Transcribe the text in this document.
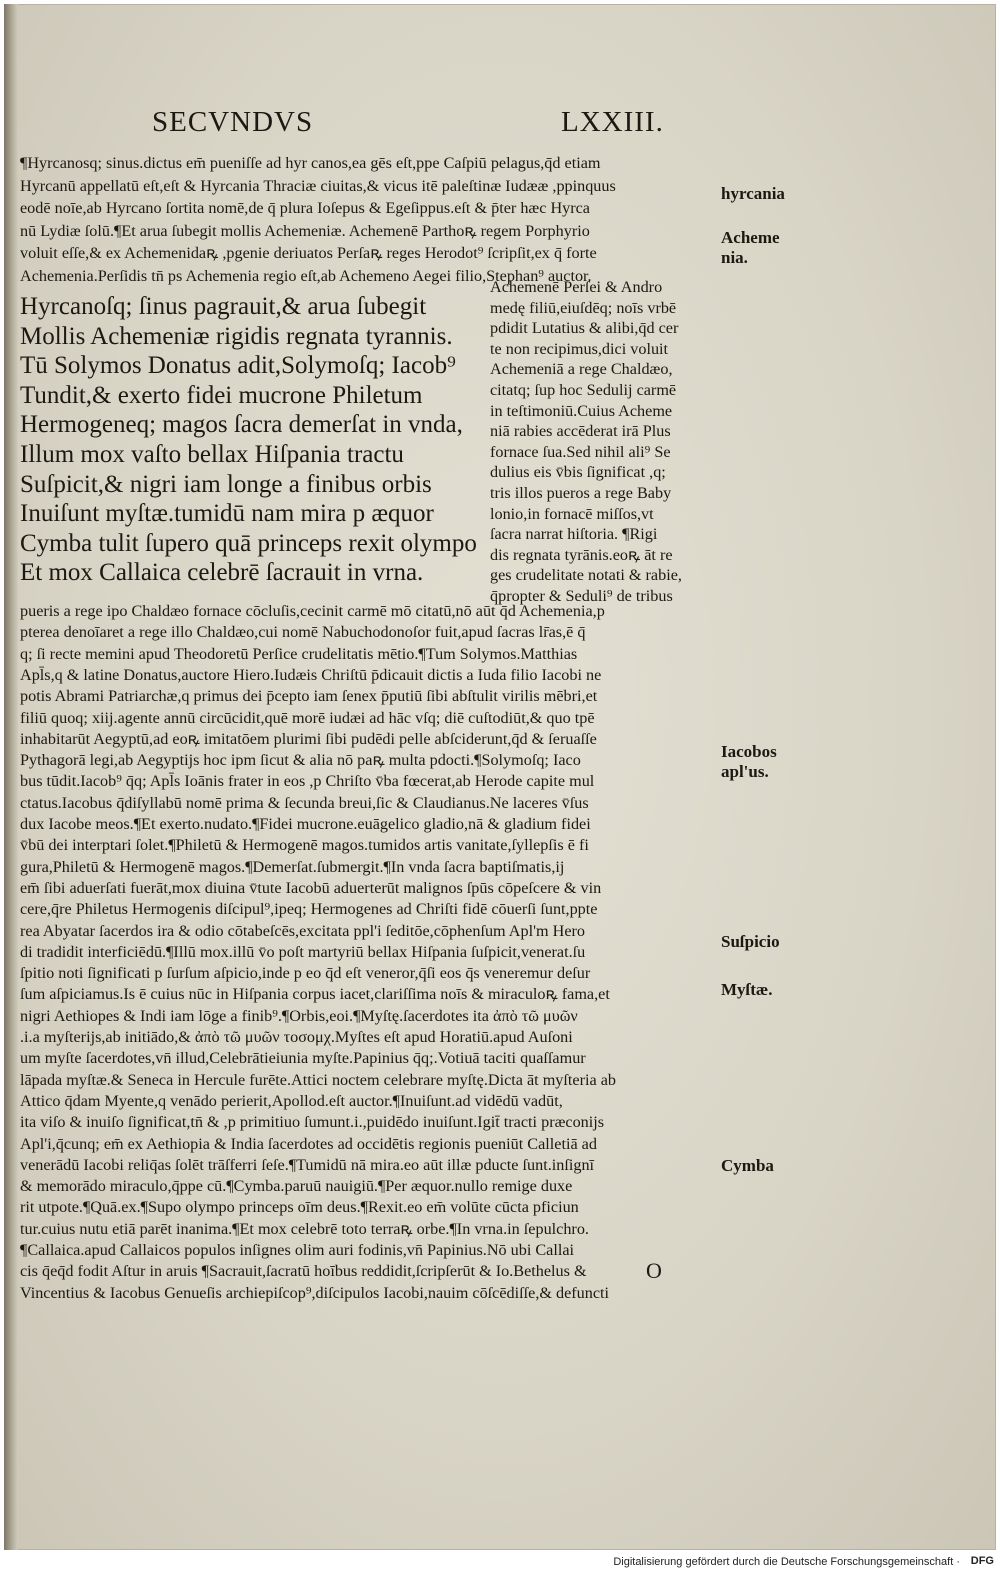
SECVNDVS	LXXIII.
¶Hyrcanosq; sinus.dictus em̄ pueniſſe ad hyr canos,ea gēs eſt,ppe Caſpiū pelagus,q̄d etiam
Hyrcanū appellatū eſt,eſt & Hyrcania Thraciæ ciuitas,& vicus itē paleſtinæ Iudææ ,ppinquus
eodē noīe,ab Hyrcano ſortita nomē,de q̄ plura Ioſepus & Egeſippus.eſt & p̄ter hæc Hyrca
nū Lydiæ ſolū.¶Et arua ſubegit mollis Achemeniæ. Achemenē Parthoꝶ regem Porphyrio
voluit eſſe,& ex Achemenidaꝶ ,pgenie deriuatos Perſaꝶ reges Herodot⁹ ſcripſit,ex q̄ forte
Achemenia.Perſidis tn̄ ps Achemenia regio eſt,ab Achemeno Aegei filio,Stephan⁹ auctor.
Hyrcanoſq; ſinus pagrauit,& arua ſubegit
Mollis Achemeniæ rigidis regnata tyrannis.
Tū Solymos Donatus adit,Solymoſq; Iacob⁹
Tundit,& exerto fidei mucrone Philetum
Hermogeneq; magos ſacra demerſat in vnda,
Illum mox vaſto bellax Hiſpania tractu
Suſpicit,& nigri iam longe a finibus orbis
Inuiſunt myſtæ.tumidū nam mira p æquor
Cymba tulit ſupero quā princeps rexit olympo
Et mox Callaica celebrē ſacrauit in vrna.
Achemenē Perſei & Andro
medę filiū,eiuſdēq; noīs vrbē
pdidit Lutatius & alibi,q̄d cer
te non recipimus,dici voluit
Achemeniā a rege Chaldæo,
citatq; ſup hoc Sedulij carmē
in teſtimoniū.Cuius Acheme
niā rabies accēderat irā Plus
fornace ſua.Sed nihil ali⁹ Se
dulius eis v̄bis ſignificat ,q;
tris illos pueros a rege Baby
lonio,in fornacē miſſos,vt
ſacra narrat hiſtoria. ¶Rigi
dis regnata tyrānis.eoꝶ āt re
ges crudelitate notati & rabie,
q̄propter & Seduli⁹ de tribus
pueris a rege ipo Chaldæo fornace cōcluſis,cecinit carmē mō citatū,nō aūt q̄d Achemenia,p
pterea denoīaret a rege illo Chaldæo,cui nomē Nabuchodonoſor fuit,apud ſacras lr̄as,ē q̄
q; ſi recte memini apud Theodoretū Perſice crudelitatis mētio.¶Tum Solymos.Matthias
Apl̄s,q & latine Donatus,auctore Hiero.Iudæis Chriſtū p̄dicauit dictis a Iuda filio Iacobi ne
potis Abrami Patriarchæ,q primus dei p̄cepto iam ſenex p̄putiū ſibi abſtulit virilis mēbri,et
filiū quoq; xiij.agente annū circūcidit,quē morē iudæi ad hāc vſq; diē cuſtodiūt,& quo tpē
inhabitarūt Aegyptū,ad eoꝶ imitatōem plurimi ſibi pudēdi pelle abſciderunt,q̄d & ſeruaſſe
Pythagorā legi,ab Aegyptijs hoc ipm ſicut & alia nō paꝶ multa pdocti.¶Solymoſq; Iaco
bus tūdit.Iacob⁹ q̄q; Apl̄s Ioānis frater in eos ,p Chriſto v̄ba fœcerat,ab Herode capite mul
ctatus.Iacobus q̄diſyllabū nomē prima & ſecunda breui,ſic & Claudianus.Ne laceres v̄ſus
dux Iacobe meos.¶Et exerto.nudato.¶Fidei mucrone.euāgelico gladio,nā & gladium fidei
v̄bū dei interptari ſolet.¶Philetū & Hermogenē magos.tumidos artis vanitate,ſyllepſis ē fi
gura,Philetū & Hermogenē magos.¶Demerſat.ſubmergit.¶In vnda ſacra baptiſmatis,ij
em̄ ſibi aduerſati fuerāt,mox diuina v̄tute Iacobū aduerterūt malignos ſpūs cōpeſcere & vin
cere,q̄re Philetus Hermogenis diſcipul⁹,ipeq; Hermogenes ad Chriſti fidē cōuerſi ſunt,ppte
rea Abyatar ſacerdos ira & odio cōtabeſcēs,excitata ppl'i ſeditōe,cōphenſum Apl'm Hero
di tradidit interficiēdū.¶Illū mox.illū v̄o poſt martyriū bellax Hiſpania ſuſpicit,venerat.ſu
ſpitio noti ſignificati p ſurſum aſpicio,inde p eo q̄d eſt veneror,q̄ſi eos q̄s veneremur deſur
ſum aſpiciamus.Is ē cuius nūc in Hiſpania corpus iacet,clariſſima noīs & miraculoꝶ fama,et
nigri Aethiopes & Indi iam lōge a finib⁹.¶Orbis,eoi.¶Myſtę.ſacerdotes ita ἀπὸ τῶ μυῶν
.i.a myſterijs,ab initiādo,& ἀπὸ τῶ μυῶν τοσομχ.Myſtes eſt apud Horatiū.apud Auſoni
um myſte ſacerdotes,vn̄ illud,Celebrātieiunia myſte.Papinius q̄q;.Votiuā taciti quaſſamur
lāpada myſtæ.& Seneca in Hercule furēte.Attici noctem celebrare myſtę.Dicta āt myſteria ab
Attico q̄dam Myente,q venādo perierit,Apollod.eſt auctor.¶Inuiſunt.ad vidēdū vadūt,
ita viſo & inuiſo ſignificat,tn̄ & ,p primitiuo ſumunt.i.,puidēdo inuiſunt.Igit̄ tracti præconijs
Apl'i,q̄cunq; em̄ ex Aethiopia & India ſacerdotes ad occidētis regionis pueniūt Calletiā ad
venerādū Iacobi reliq̄as ſolēt trāſferri ſeſe.¶Tumidū nā mira.eo aūt illæ pducte ſunt.inſignī
& memorādo miraculo,q̄ppe cū.¶Cymba.paruū nauigiū.¶Per æquor.nullo remige duxe
rit utpote.¶Quā.ex.¶Supo olympo princeps oīm deus.¶Rexit.eo em̄ volūte cūcta pficiun
tur.cuius nutu etiā parēt inanima.¶Et mox celebrē toto terraꝶ orbe.¶In vrna.in ſepulchro.
¶Callaica.apud Callaicos populos inſignes olim auri fodinis,vn̄ Papinius.Nō ubi Callai
cis q̄eq̄d fodit Aſtur in aruis ¶Sacrauit,ſacratū hoībus reddidit,ſcripſerūt & Io.Bethelus &
Vincentius & Iacobus Genueſis archiepiſcop⁹,diſcipulos Iacobi,nauim cōſcēdiſſe,& defuncti
hyrcania
Acheme nia.
Iacobos apl'us.
Suſpicio
Myſtæ.
Cymba
O
Digitalisierung gefördert durch die Deutsche Forschungsgemeinschaft · DFG
